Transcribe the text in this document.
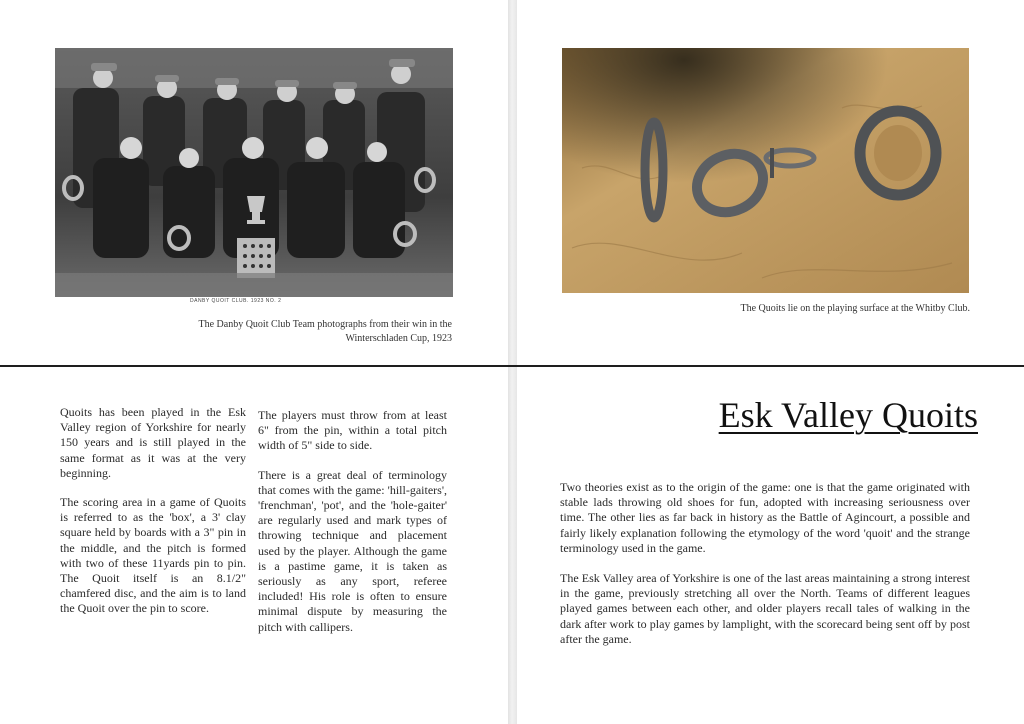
DANBY QUOIT CLUB. 1923 NO. 2
The Danby Quoit Club Team photographs from their win in the Winterschladen Cup, 1923
The Quoits lie on the playing surface at the Whitby Club.

Quoits has been played in the Esk Valley region of Yorkshire for nearly 150 years and is still played in the same format as it was at the very beginning.

The scoring area in a game of Quoits is referred to as the 'box', a 3' clay square held by boards with a 3" pin in the middle, and the pitch is formed with two of these 11yards pin to pin. The Quoit itself is an 8.1/2" chamfered disc, and the aim is to land the Quoit over the pin to score.

The players must throw from at least 6" from the pin, within a total pitch width of 5" side to side.

There is a great deal of terminology that comes with the game: 'hill-gaiters', 'frenchman', 'pot', and the 'hole-gaiter' are regularly used and mark types of throwing technique and placement used by the player. Although the game is a pastime game, it is taken as seriously as any sport, referee included! His role is often to ensure minimal dispute by measuring the pitch with callipers.

Esk Valley Quoits

Two theories exist as to the origin of the game: one is that the game originated with stable lads throwing old shoes for fun, adopted with increasing seriousness over time. The other lies as far back in history as the Battle of Agincourt, a possible and fairly likely explanation following the etymology of the word 'quoit' and the strange terminology used in the game.

The Esk Valley area of Yorkshire is one of the last areas maintaining a strong interest in the game, previously stretching all over the North. Teams of different leagues played games between each other, and older players recall tales of walking in the dark after work to play games by lamplight, with the scorecard being sent off by post after the game.
